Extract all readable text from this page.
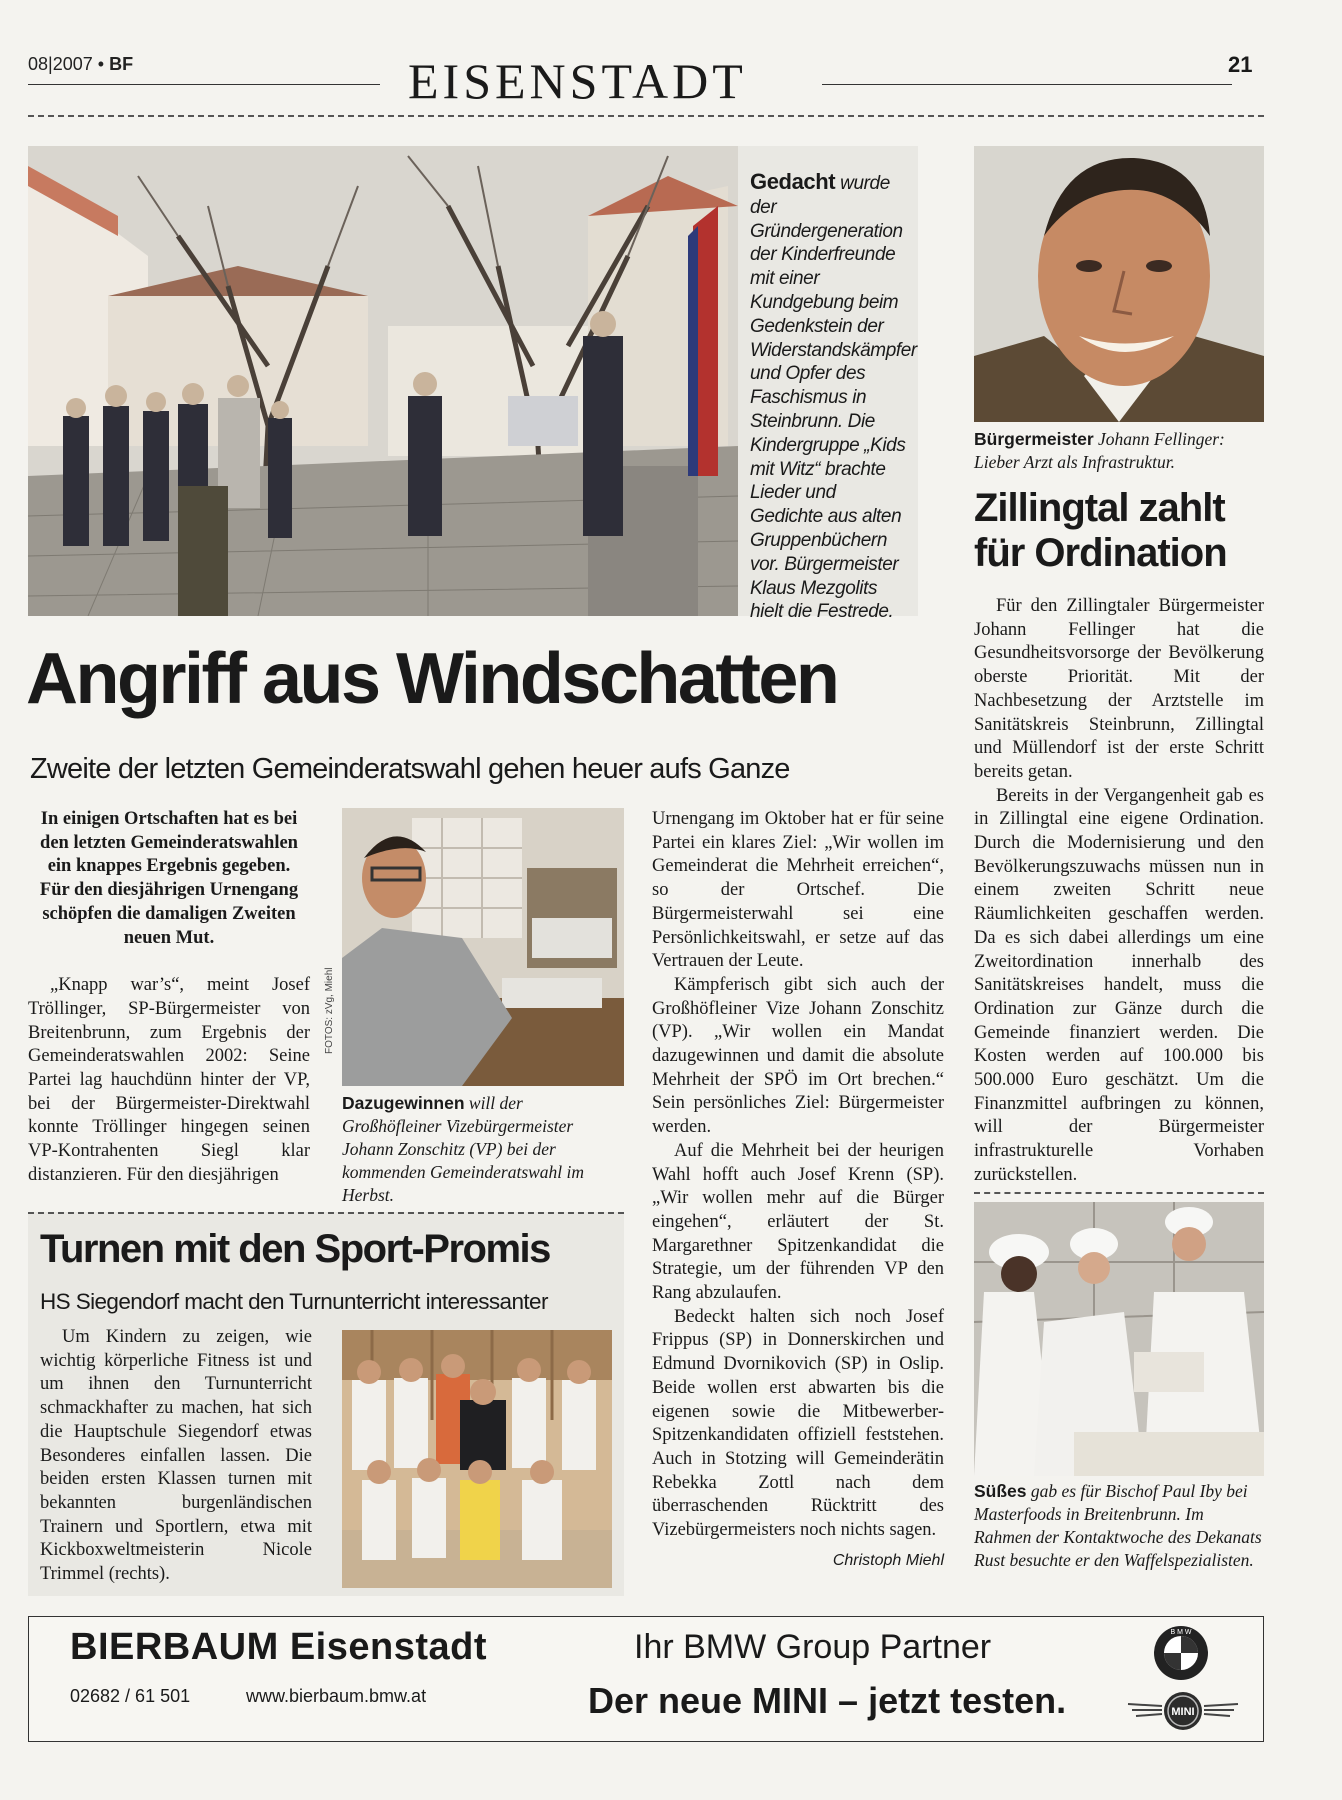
08|2007 • BF	EISENSTADT	21
Gedacht wurde der Gründergeneration der Kinderfreunde mit einer Kundgebung beim Gedenkstein der Widerstandskämpfer und Opfer des Faschismus in Steinbrunn. Die Kindergruppe „Kids mit Witz“ brachte Lieder und Gedichte aus alten Gruppenbüchern vor. Bürgermeister Klaus Mezgolits hielt die Festrede.
Bürgermeister Johann Fellinger: Lieber Arzt als Infrastruktur.
Zillingtal zahlt für Ordination

Für den Zillingtaler Bürgermeister Johann Fellinger hat die Gesundheitsvorsorge der Bevölkerung oberste Priorität. Mit der Nachbesetzung der Arztstelle im Sanitätskreis Steinbrunn, Zillingtal und Müllendorf ist der erste Schritt bereits getan.

Bereits in der Vergangenheit gab es in Zillingtal eine eigene Ordination. Durch die Modernisierung und den Bevölkerungszuwachs müssen nun in einem zweiten Schritt neue Räumlichkeiten geschaffen werden. Da es sich dabei allerdings um eine Zweitordination innerhalb des Sanitätskreises handelt, muss die Ordination zur Gänze durch die Gemeinde finanziert werden. Die Kosten werden auf 100.000 bis 500.000 Euro geschätzt. Um die Finanzmittel aufbringen zu können, will der Bürgermeister infrastrukturelle Vorhaben zurückstellen.

Süßes gab es für Bischof Paul Iby bei Masterfoods in Breitenbrunn. Im Rahmen der Kontaktwoche des Dekanats Rust besuchte er den Waffelspezialisten.
Angriff aus Windschatten
Zweite der letzten Gemeinderatswahl gehen heuer aufs Ganze

In einigen Ortschaften hat es bei den letzten Gemeinderatswahlen ein knappes Ergebnis gegeben. Für den diesjährigen Urnengang schöpfen die damaligen Zweiten neuen Mut.

„Knapp war’s“, meint Josef Tröllinger, SP-Bürgermeister von Breitenbrunn, zum Ergebnis der Gemeinderatswahlen 2002: Seine Partei lag hauchdünn hinter der VP, bei der Bürgermeister-Direktwahl konnte Tröllinger hingegen seinen VP-Kontrahenten Siegl klar distanzieren. Für den diesjährigen

FOTOS: zVg, Miehl
Dazugewinnen will der Großhöfleiner Vizebürgermeister Johann Zonschitz (VP) bei der kommenden Gemeinderatswahl im Herbst.

Urnengang im Oktober hat er für seine Partei ein klares Ziel: „Wir wollen im Gemeinderat die Mehrheit erreichen“, so der Ortschef. Die Bürgermeisterwahl sei eine Persönlichkeitswahl, er setze auf das Vertrauen der Leute.

Kämpferisch gibt sich auch der Großhöfleiner Vize Johann Zonschitz (VP). „Wir wollen ein Mandat dazugewinnen und damit die absolute Mehrheit der SPÖ im Ort brechen.“ Sein persönliches Ziel: Bürgermeister werden.

Auf die Mehrheit bei der heurigen Wahl hofft auch Josef Krenn (SP). „Wir wollen mehr auf die Bürger eingehen“, erläutert der St. Margarethner Spitzenkandidat die Strategie, um der führenden VP den Rang abzulaufen.

Bedeckt halten sich noch Josef Frippus (SP) in Donnerskirchen und Edmund Dvornikovich (SP) in Oslip. Beide wollen erst abwarten bis die eigenen sowie die Mitbewerber-Spitzenkandidaten offiziell feststehen. Auch in Stotzing will Gemeinderätin Rebekka Zottl nach dem überraschenden Rücktritt des Vizebürgermeisters noch nichts sagen.

Christoph Miehl
Turnen mit den Sport-Promis
HS Siegendorf macht den Turnunterricht interessanter

Um Kindern zu zeigen, wie wichtig körperliche Fitness ist und um ihnen den Turnunterricht schmackhafter zu machen, hat sich die Hauptschule Siegendorf etwas Besonderes einfallen lassen. Die beiden ersten Klassen turnen mit bekannten burgenländischen Trainern und Sportlern, etwa mit Kickboxweltmeisterin Nicole Trimmel (rechts).

BIERBAUM Eisenstadt
02682 / 61 501	www.bierbaum.bmw.at
Ihr BMW Group Partner
Der neue MINI – jetzt testen.
B M W
MINI
